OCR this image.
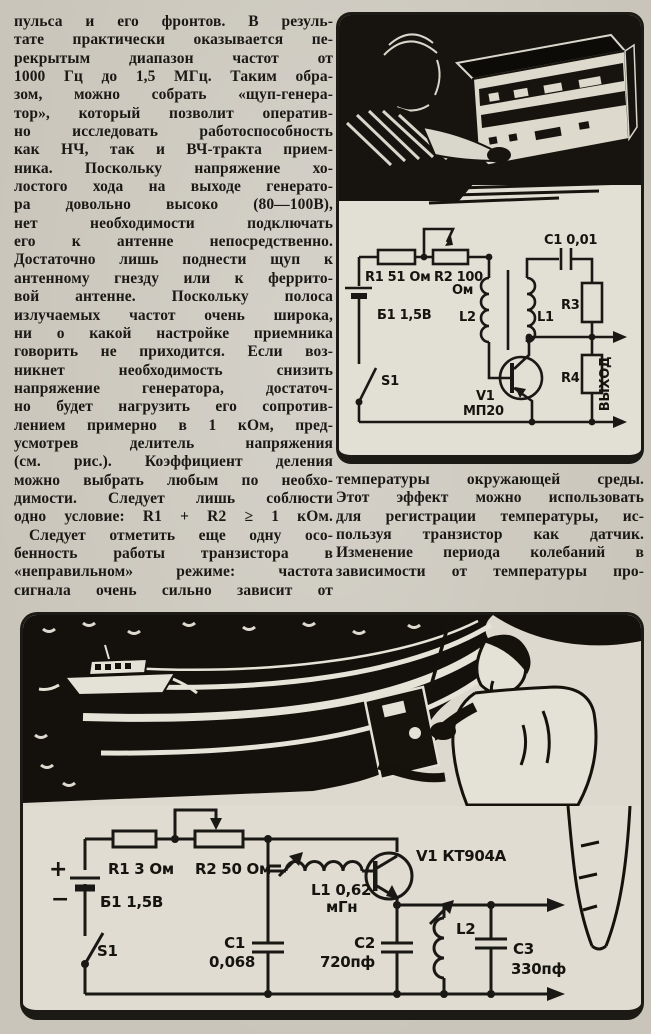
пульса и его фронтов. В резуль-
тате практически оказывается пе-
рекрытым диапазон частот от
1000 Гц до 1,5 МГц. Таким обра-
зом, можно собрать «щуп-генера-
тор», который позволит оператив-
но исследовать работоспособность
как НЧ, так и ВЧ-тракта прием-
ника. Поскольку напряжение хо-
лостого хода на выходе генерато-
ра довольно высоко (80—100В),
нет необходимости подключать
его к антенне непосредственно.
Достаточно лишь поднести щуп к
антенному гнезду или к феррито-
вой антенне. Поскольку полоса
излучаемых частот очень широка,
ни о какой настройке приемника
говорить не приходится. Если воз-
никнет необходимость снизить
напряжение генератора, достаточ-
но будет нагрузить его сопротив-
лением примерно в 1 кОм, пред-
усмотрев делитель напряжения
(см. рис.). Коэффициент деления
можно выбрать любым по необхо-
димости. Следует лишь соблюсти
одно условие: R1 + R2 ≥ 1 кОм.
Следует отметить еще одну осо-
бенность работы транзистора в
«неправильном» режиме: частота
сигнала очень сильно зависит от
температуры окружающей среды.
Этот эффект можно использовать
для регистрации температуры, ис-
пользуя транзистор как датчик.
Изменение периода колебаний в
зависимости от температуры про-
R1 51 Ом R2 100
Ом
C1 0,01
Б1 1,5В L2	L1
R3
R4
S1
V1
МП20
ВЫХОД
+
−
R1 3 Ом R2 50 Ом
Б1 1,5В
S1	C1
0,068
L1 0,62
мГн
V1 КТ904А
C2
720пф
L2
C3
330пф
